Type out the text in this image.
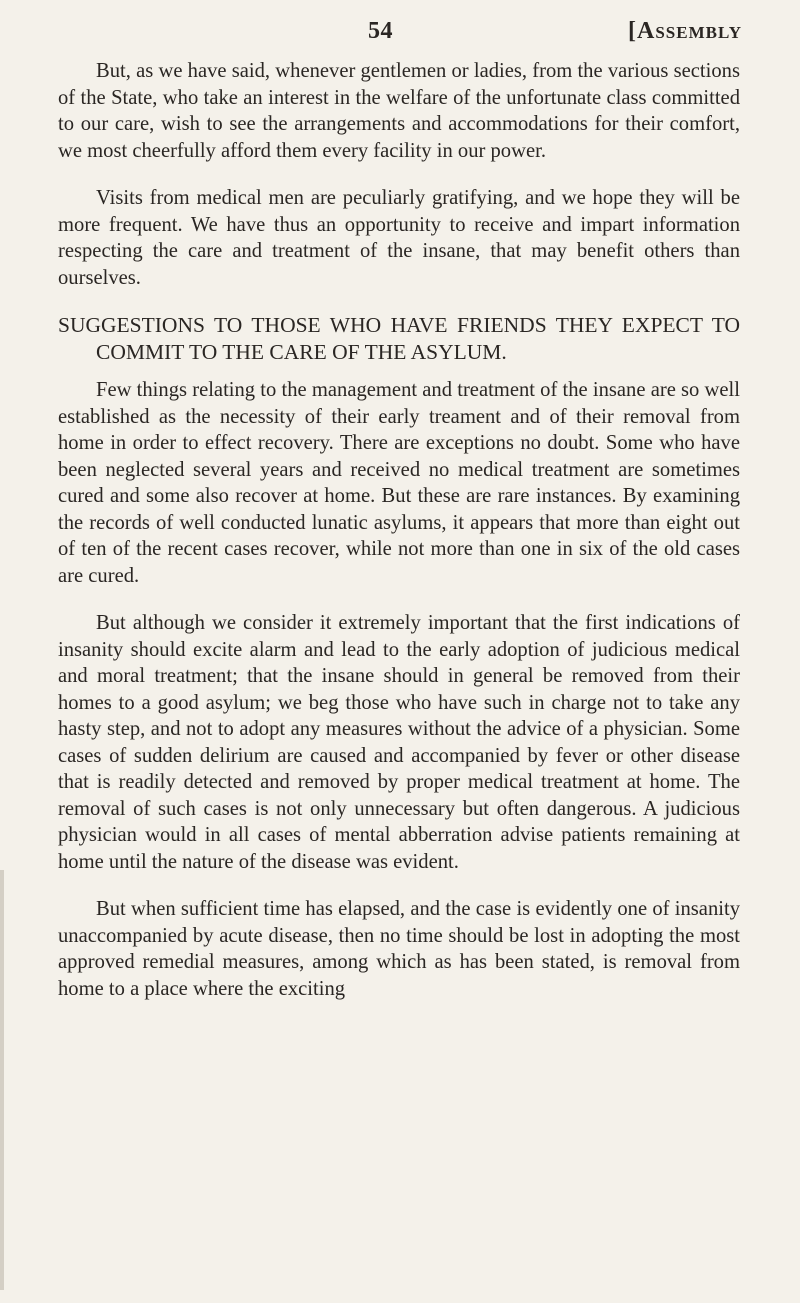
54	[Assembly

But, as we have said, whenever gentlemen or ladies, from the various sections of the State, who take an interest in the welfare of the unfortunate class committed to our care, wish to see the arrangements and accommodations for their comfort, we most cheerfully afford them every facility in our power.

Visits from medical men are peculiarly gratifying, and we hope they will be more frequent. We have thus an opportunity to receive and impart information respecting the care and treatment of the insane, that may benefit others than ourselves.

SUGGESTIONS TO THOSE WHO HAVE FRIENDS THEY EXPECT TO COMMIT TO THE CARE OF THE ASYLUM.

Few things relating to the management and treatment of the insane are so well established as the necessity of their early treament and of their removal from home in order to effect recovery. There are exceptions no doubt. Some who have been neglected several years and received no medical treatment are sometimes cured and some also recover at home. But these are rare instances. By examining the records of well conducted lunatic asylums, it appears that more than eight out of ten of the recent cases recover, while not more than one in six of the old cases are cured.

But although we consider it extremely important that the first indications of insanity should excite alarm and lead to the early adoption of judicious medical and moral treatment; that the insane should in general be removed from their homes to a good asylum; we beg those who have such in charge not to take any hasty step, and not to adopt any measures without the advice of a physician. Some cases of sudden delirium are caused and accompanied by fever or other disease that is readily detected and removed by proper medical treatment at home. The removal of such cases is not only unnecessary but often dangerous. A judicious physician would in all cases of mental abberration advise patients remaining at home until the nature of the disease was evident.

But when sufficient time has elapsed, and the case is evidently one of insanity unaccompanied by acute disease, then no time should be lost in adopting the most approved remedial measures, among which as has been stated, is removal from home to a place where the exciting
